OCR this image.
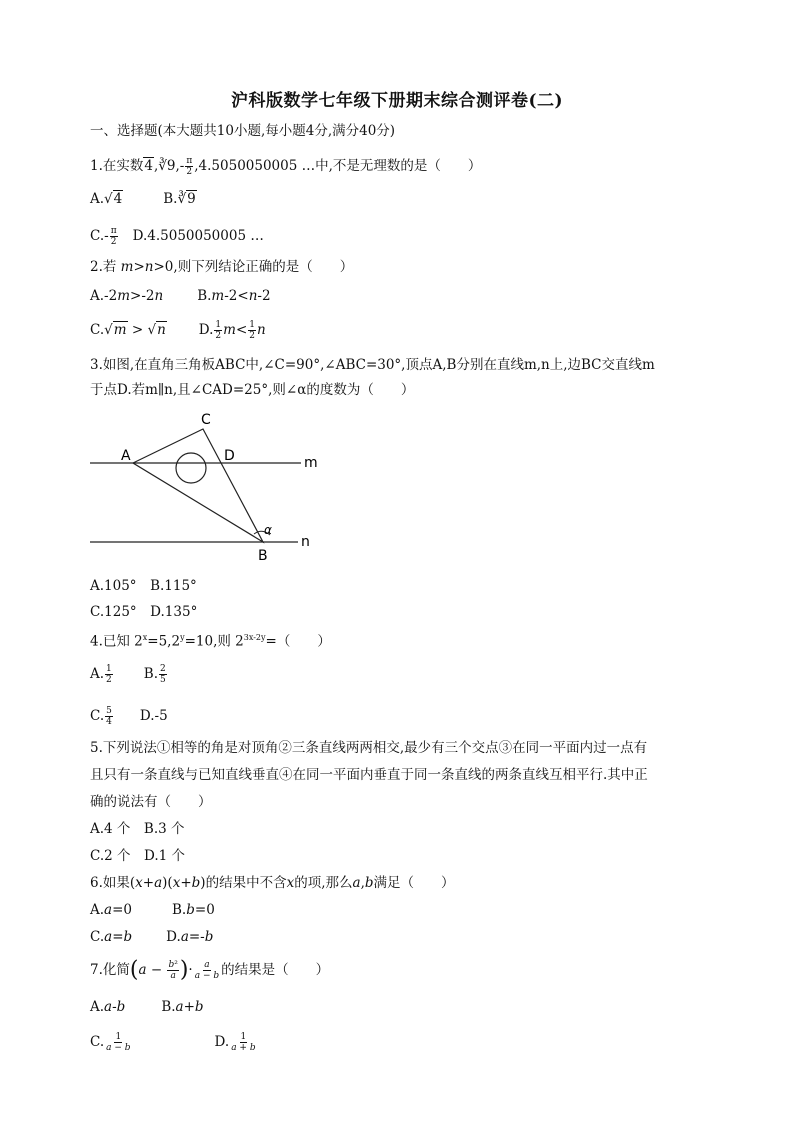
沪科版数学七年级下册期末综合测评卷(二)
一、选择题(本大题共10小题,每小题4分,满分40分)
1.在实数4,∛9,- $\frac{\pi}{2} ,4.5050050005$ …中,不是无理数的是（　　）
A.√4	B.∛9
$C.- \frac{\pi}{2} D.4.5050050005$ …
2.若 m>n>0,则下列结论正确的是（　　）
A.-2m>-2n	B.m-2<n-2
C.√m > √n D. $\frac{1}{2} m< \frac{1}{2}$ n
3.如图,在直角三角板ABC中,∠C=90°,∠ABC=30°,顶点A,B分别在直线m,n上,边BC交直线m
于点D.若m∥n,且∠CAD=25°,则∠α的度数为（　　）
A
C
D	m
n
B
α
A.105°　 B.115°
C.125°　 D.135°
4.已知 $2^x=5,2^y=10$,则 $2^{3x-2y}=$（　　）
A. $\frac{1}{2} B$. $\frac{2}{5}$
C. $\frac{5}{4} D.-5$
5.下列说法①相等的角是对顶角②三条直线两两相交,最少有三个交点③在同一平面内过一点有
且只有一条直线与已知直线垂直④在同一平面内垂直于同一条直线的两条直线互相平行.其中正
确的说法有（　　）
A.4 个　 B.3 个
C.2 个　 D.1 个
6.如果(x+a)(x+b)的结果中不含x的项,那么a,b满足（　　）
A.a=0	B.b=0
C.a=b	D.a=-b
7.化简($a - \frac{\text{b²}}{a}$ )· $\frac{a}{a - b}$ 的结果是（　　）
A.a-b	B.a+b
C. $\frac{1}{a - b}$	D. $\frac{1}{a + b}$
